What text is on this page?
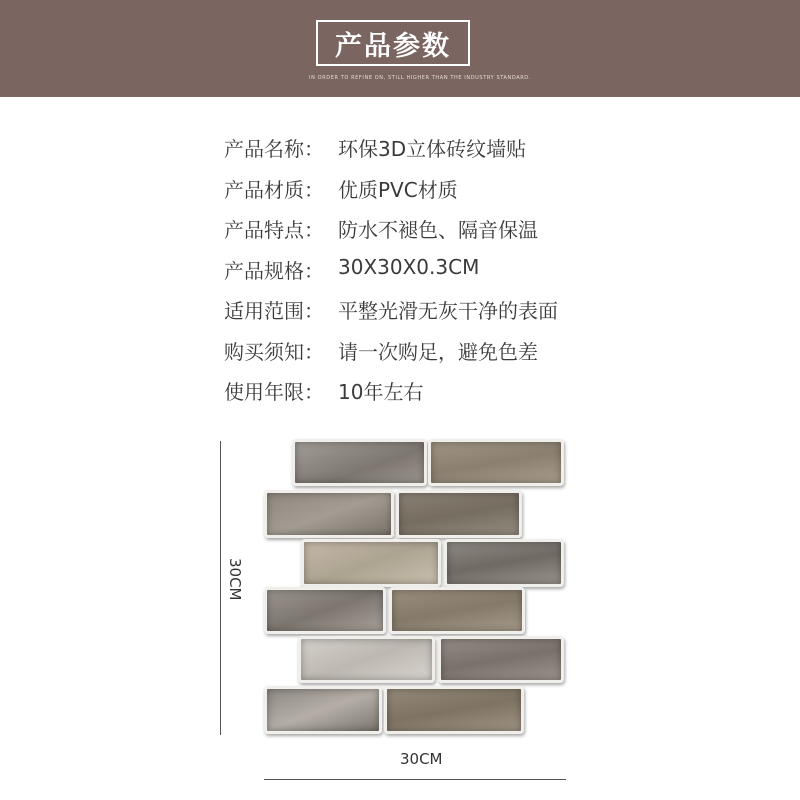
产品参数
IN ORDER TO REFINE ON, STILL HIGHER THAN THE INDUSTRY STANDARD.
产品名称： 环保3D立体砖纹墙贴
产品材质： 优质PVC材质
产品特点： 防水不褪色、隔音保温
产品规格： 30X30X0.3CM
适用范围： 平整光滑无灰干净的表面
购买须知： 请一次购足，避免色差
使用年限： 10年左右
30CM
30CM
